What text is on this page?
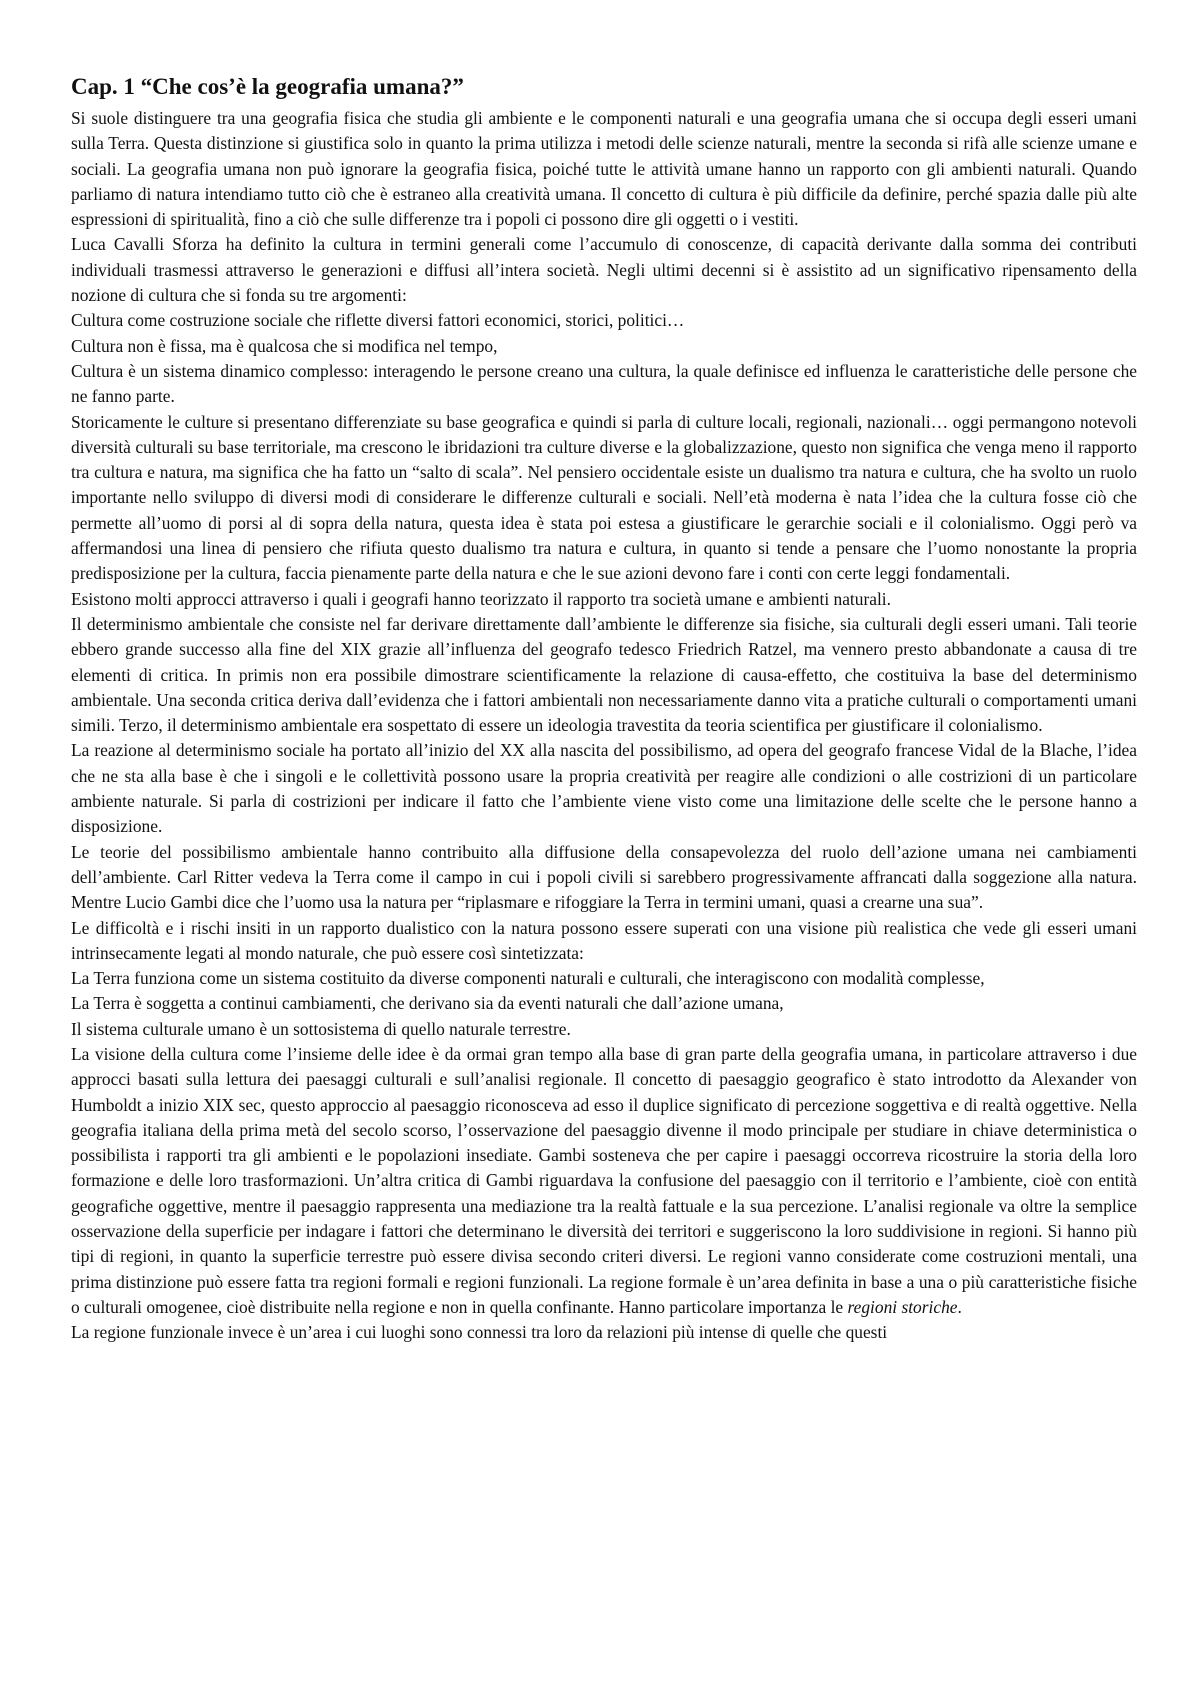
Cap. 1 “Che cos’è la geografia umana?”

Si suole distinguere tra una geografia fisica che studia gli ambiente e le componenti naturali e una geografia umana che si occupa degli esseri umani sulla Terra. Questa distinzione si giustifica solo in quanto la prima utilizza i metodi delle scienze naturali, mentre la seconda si rifà alle scienze umane e sociali. La geografia umana non può ignorare la geografia fisica, poiché tutte le attività umane hanno un rapporto con gli ambienti naturali. Quando parliamo di natura intendiamo tutto ciò che è estraneo alla creatività umana. Il concetto di cultura è più difficile da definire, perché spazia dalle più alte espressioni di spiritualità, fino a ciò che sulle differenze tra i popoli ci possono dire gli oggetti o i vestiti.

Luca Cavalli Sforza ha definito la cultura in termini generali come l’accumulo di conoscenze, di capacità derivante dalla somma dei contributi individuali trasmessi attraverso le generazioni e diffusi all’intera società. Negli ultimi decenni si è assistito ad un significativo ripensamento della nozione di cultura che si fonda su tre argomenti:

Cultura come costruzione sociale che riflette diversi fattori economici, storici, politici…

Cultura non è fissa, ma è qualcosa che si modifica nel tempo,

Cultura è un sistema dinamico complesso: interagendo le persone creano una cultura, la quale definisce ed influenza le caratteristiche delle persone che ne fanno parte.

Storicamente le culture si presentano differenziate su base geografica e quindi si parla di culture locali, regionali, nazionali… oggi permangono notevoli diversità culturali su base territoriale, ma crescono le ibridazioni tra culture diverse e la globalizzazione, questo non significa che venga meno il rapporto tra cultura e natura, ma significa che ha fatto un “salto di scala”. Nel pensiero occidentale esiste un dualismo tra natura e cultura, che ha svolto un ruolo importante nello sviluppo di diversi modi di considerare le differenze culturali e sociali. Nell’età moderna è nata l’idea che la cultura fosse ciò che permette all’uomo di porsi al di sopra della natura, questa idea è stata poi estesa a giustificare le gerarchie sociali e il colonialismo. Oggi però va affermandosi una linea di pensiero che rifiuta questo dualismo tra natura e cultura, in quanto si tende a pensare che l’uomo nonostante la propria predisposizione per la cultura, faccia pienamente parte della natura e che le sue azioni devono fare i conti con certe leggi fondamentali.

Esistono molti approcci attraverso i quali i geografi hanno teorizzato il rapporto tra società umane e ambienti naturali.

Il determinismo ambientale che consiste nel far derivare direttamente dall’ambiente le differenze sia fisiche, sia culturali degli esseri umani. Tali teorie ebbero grande successo alla fine del XIX grazie all’influenza del geografo tedesco Friedrich Ratzel, ma vennero presto abbandonate a causa di tre elementi di critica. In primis non era possibile dimostrare scientificamente la relazione di causa-effetto, che costituiva la base del determinismo ambientale. Una seconda critica deriva dall’evidenza che i fattori ambientali non necessariamente danno vita a pratiche culturali o comportamenti umani simili. Terzo, il determinismo ambientale era sospettato di essere un ideologia travestita da teoria scientifica per giustificare il colonialismo.

La reazione al determinismo sociale ha portato all’inizio del XX alla nascita del possibilismo, ad opera del geografo francese Vidal de la Blache, l’idea che ne sta alla base è che i singoli e le collettività possono usare la propria creatività per reagire alle condizioni o alle costrizioni di un particolare ambiente naturale. Si parla di costrizioni per indicare il fatto che l’ambiente viene visto come una limitazione delle scelte che le persone hanno a disposizione.

Le teorie del possibilismo ambientale hanno contribuito alla diffusione della consapevolezza del ruolo dell’azione umana nei cambiamenti dell’ambiente. Carl Ritter vedeva la Terra come il campo in cui i popoli civili si sarebbero progressivamente affrancati dalla soggezione alla natura. Mentre Lucio Gambi dice che l’uomo usa la natura per “riplasmare e rifoggiare la Terra in termini umani, quasi a crearne una sua”.

Le difficoltà e i rischi insiti in un rapporto dualistico con la natura possono essere superati con una visione più realistica che vede gli esseri umani intrinsecamente legati al mondo naturale, che può essere così sintetizzata:

La Terra funziona come un sistema costituito da diverse componenti naturali e culturali, che interagiscono con modalità complesse,

La Terra è soggetta a continui cambiamenti, che derivano sia da eventi naturali che dall’azione umana,

Il sistema culturale umano è un sottosistema di quello naturale terrestre.

La visione della cultura come l’insieme delle idee è da ormai gran tempo alla base di gran parte della geografia umana, in particolare attraverso i due approcci basati sulla lettura dei paesaggi culturali e sull’analisi regionale. Il concetto di paesaggio geografico è stato introdotto da Alexander von Humboldt a inizio XIX sec, questo approccio al paesaggio riconosceva ad esso il duplice significato di percezione soggettiva e di realtà oggettive. Nella geografia italiana della prima metà del secolo scorso, l’osservazione del paesaggio divenne il modo principale per studiare in chiave deterministica o possibilista i rapporti tra gli ambienti e le popolazioni insediate. Gambi sosteneva che per capire i paesaggi occorreva ricostruire la storia della loro formazione e delle loro trasformazioni. Un’altra critica di Gambi riguardava la confusione del paesaggio con il territorio e l’ambiente, cioè con entità geografiche oggettive, mentre il paesaggio rappresenta una mediazione tra la realtà fattuale e la sua percezione. L’analisi regionale va oltre la semplice osservazione della superficie per indagare i fattori che determinano le diversità dei territori e suggeriscono la loro suddivisione in regioni. Si hanno più tipi di regioni, in quanto la superficie terrestre può essere divisa secondo criteri diversi. Le regioni vanno considerate come costruzioni mentali, una prima distinzione può essere fatta tra regioni formali e regioni funzionali. La regione formale è un’area definita in base a una o più caratteristiche fisiche o culturali omogenee, cioè distribuite nella regione e non in quella confinante. Hanno particolare importanza le regioni storiche.

La regione funzionale invece è un’area i cui luoghi sono connessi tra loro da relazioni più intense di quelle che questi
